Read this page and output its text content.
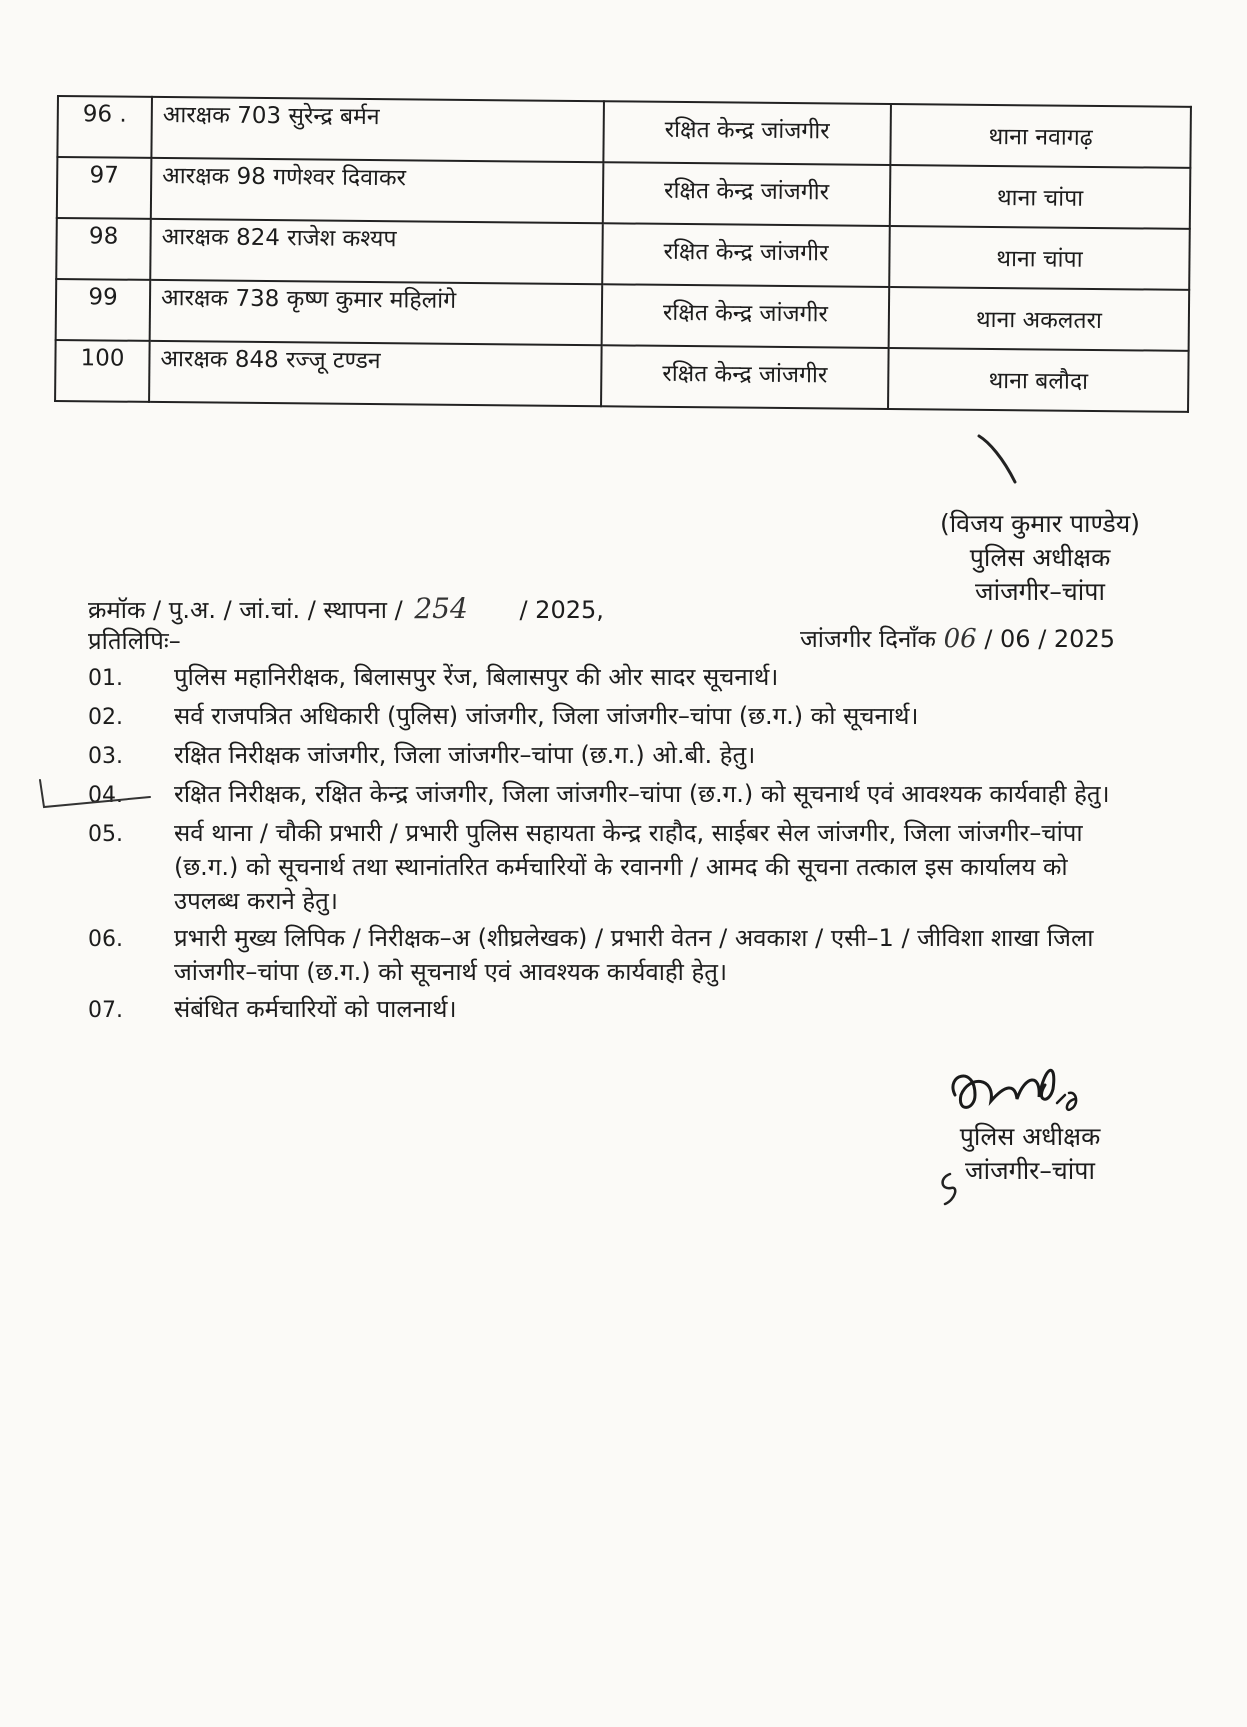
96 .	आरक्षक 703 सुरेन्द्र बर्मन	रक्षित केन्द्र जांजगीर	थाना नवागढ़
97	आरक्षक 98 गणेश्वर दिवाकर	रक्षित केन्द्र जांजगीर	थाना चांपा
98	आरक्षक 824 राजेश कश्यप	रक्षित केन्द्र जांजगीर	थाना चांपा
99	आरक्षक 738 कृष्ण कुमार महिलांगे	रक्षित केन्द्र जांजगीर	थाना अकलतरा
100	आरक्षक 848 रज्जू टण्डन	रक्षित केन्द्र जांजगीर	थाना बलौदा
(विजय कुमार पाण्डेय)
पुलिस अधीक्षक
जांजगीर–चांपा
क्रमॉक / पु.अ. / जां.चां. / स्थापना / 254 / 2025,
जांजगीर दिनाँक 06 / 06 / 2025
प्रतिलिपिः–
01.	पुलिस महानिरीक्षक, बिलासपुर रेंज, बिलासपुर की ओर सादर सूचनार्थ।
02.	सर्व राजपत्रित अधिकारी (पुलिस) जांजगीर, जिला जांजगीर–चांपा (छ.ग.) को सूचनार्थ।
03.	रक्षित निरीक्षक जांजगीर, जिला जांजगीर–चांपा (छ.ग.) ओ.बी. हेतु।
04.	रक्षित निरीक्षक, रक्षित केन्द्र जांजगीर, जिला जांजगीर–चांपा (छ.ग.) को सूचनार्थ एवं आवश्यक कार्यवाही हेतु।
05.	सर्व थाना / चौकी प्रभारी / प्रभारी पुलिस सहायता केन्द्र राहौद, साईबर सेल जांजगीर, जिला जांजगीर–चांपा (छ.ग.) को सूचनार्थ तथा स्थानांतरित कर्मचारियों के रवानगी / आमद की सूचना तत्काल इस कार्यालय को उपलब्ध कराने हेतु।
06.	प्रभारी मुख्य लिपिक / निरीक्षक–अ (शीघ्रलेखक) / प्रभारी वेतन / अवकाश / एसी–1 / जीविशा शाखा जिला जांजगीर–चांपा (छ.ग.) को सूचनार्थ एवं आवश्यक कार्यवाही हेतु।
07.	संबंधित कर्मचारियों को पालनार्थ।
पुलिस अधीक्षक
जांजगीर–चांपा
